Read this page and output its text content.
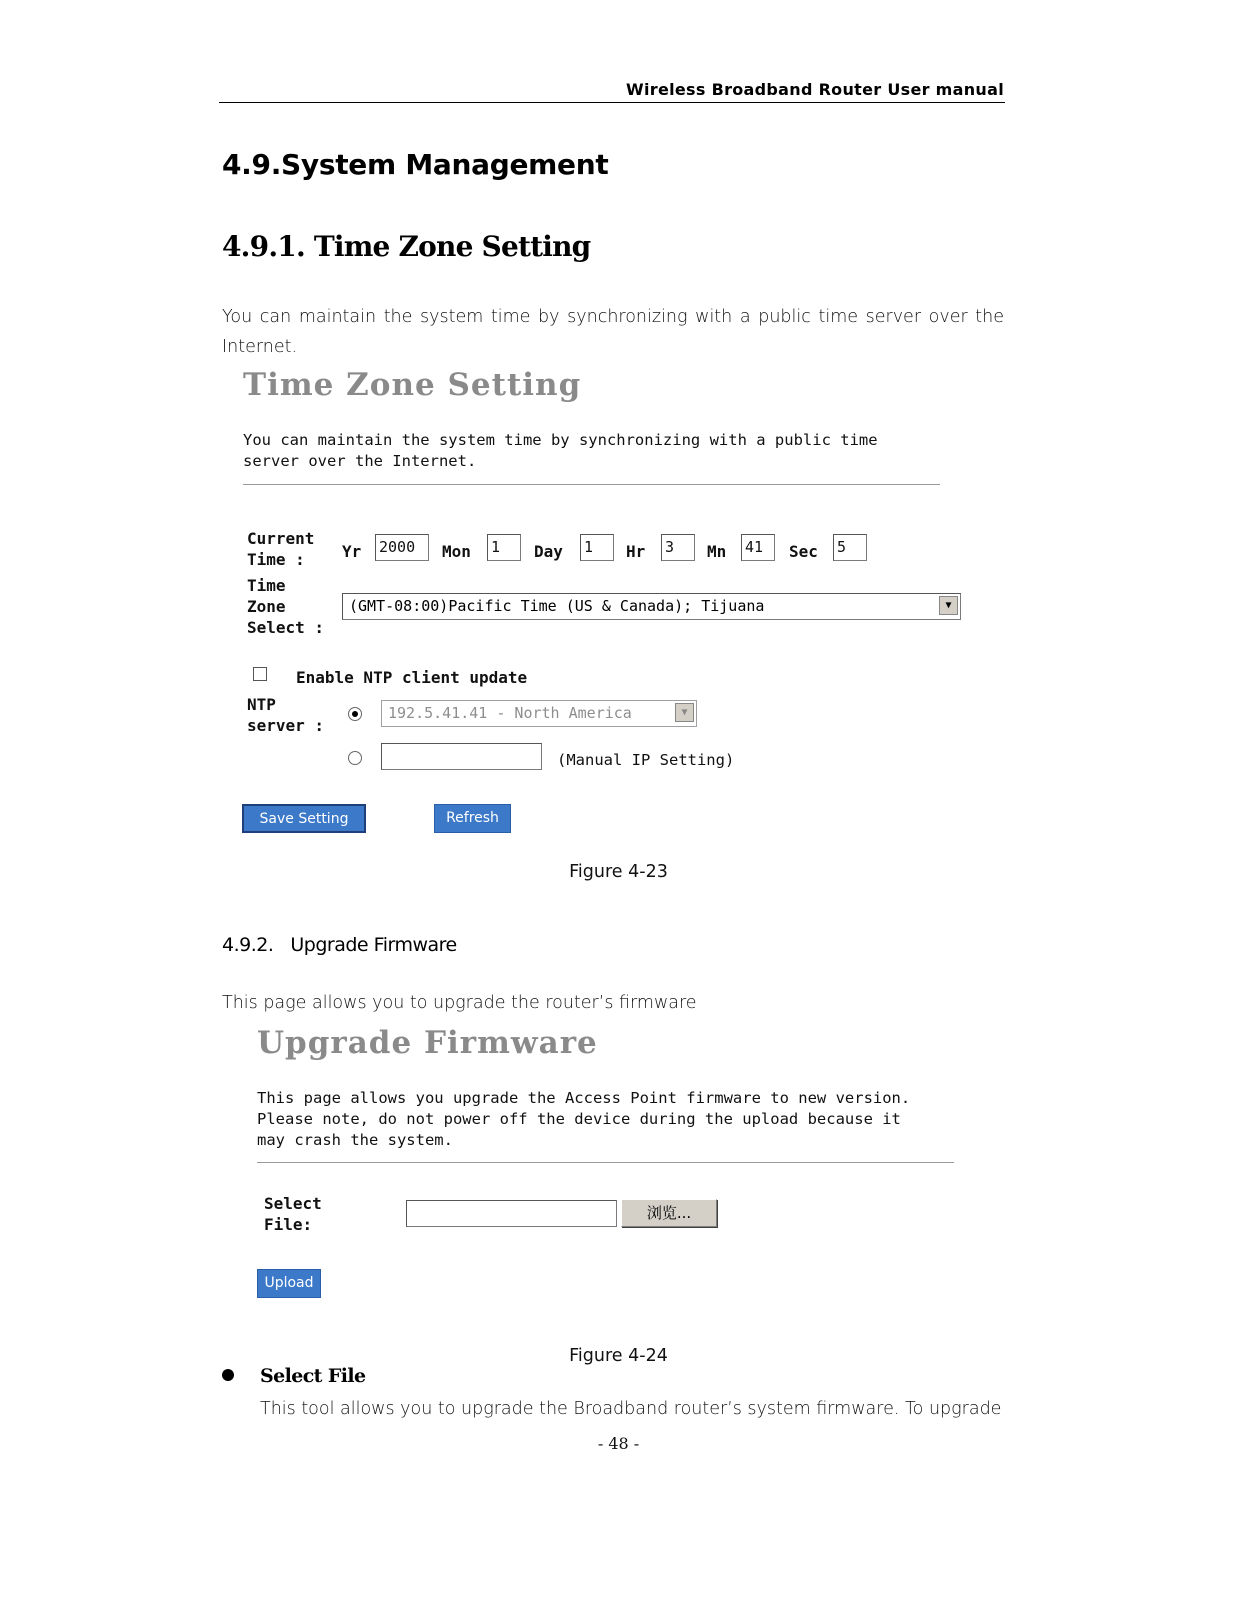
Wireless Broadband Router User manual
4.9.System Management
4.9.1. Time Zone Setting
You can maintain the system time by synchronizing with a public time server over the Internet.
Time Zone Setting
You can maintain the system time by synchronizing with a public time
server over the Internet.
Current
Time : Yr 2000	Mon 1	Day 1	Hr 3	Mn 41	Sec 5
Time
Zone
Select :
(GMT-08:00)Pacific Time (US & Canada); Tijuana	▼
Enable NTP client update
NTP
server :
192.5.41.41 - North America	▼
(Manual IP Setting)
Save Setting	Refresh
Figure 4-23
4.9.2. Upgrade Firmware
This page allows you to upgrade the router’s firmware
Upgrade Firmware
This page allows you upgrade the Access Point firmware to new version.
Please note, do not power off the device during the upload because it
may crash the system.
Select
File:
浏览...
Upload
Figure 4-24
Select File
This tool allows you to upgrade the Broadband router’s system firmware. To upgrade
- 48 -
